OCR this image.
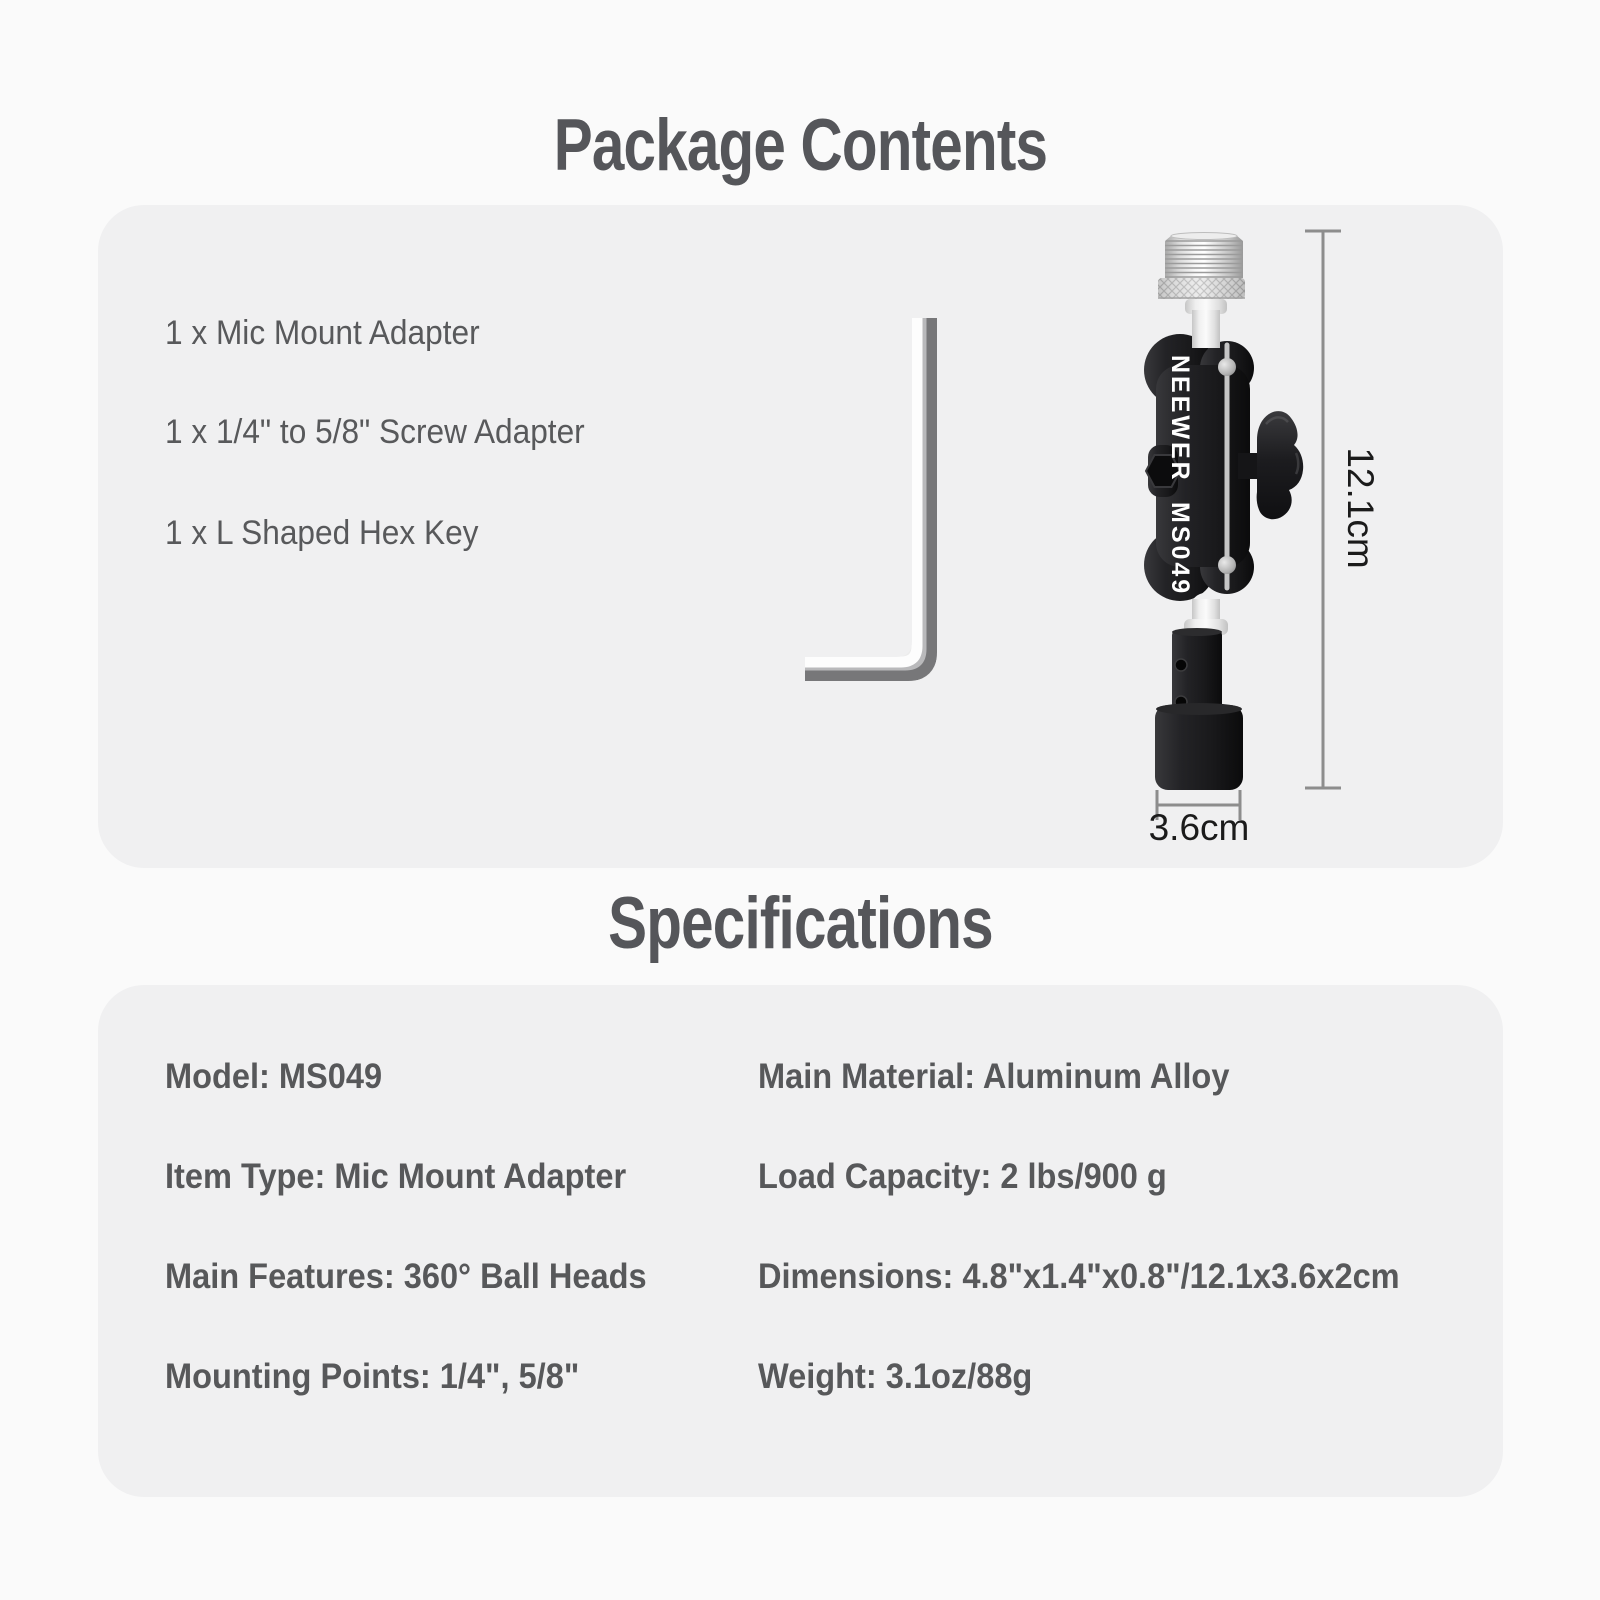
Package Contents
1 x Mic Mount Adapter
1 x 1/4" to 5/8" Screw Adapter
1 x L Shaped Hex Key
NEEWER
MS049	12.1cm
3.6cm
Specifications
Model: MS049
Item Type: Mic Mount Adapter
Main Features: 360° Ball Heads
Mounting Points: 1/4", 5/8"
Main Material: Aluminum Alloy
Load Capacity: 2 lbs/900 g
Dimensions: 4.8"x1.4"x0.8"/12.1x3.6x2cm
Weight: 3.1oz/88g
